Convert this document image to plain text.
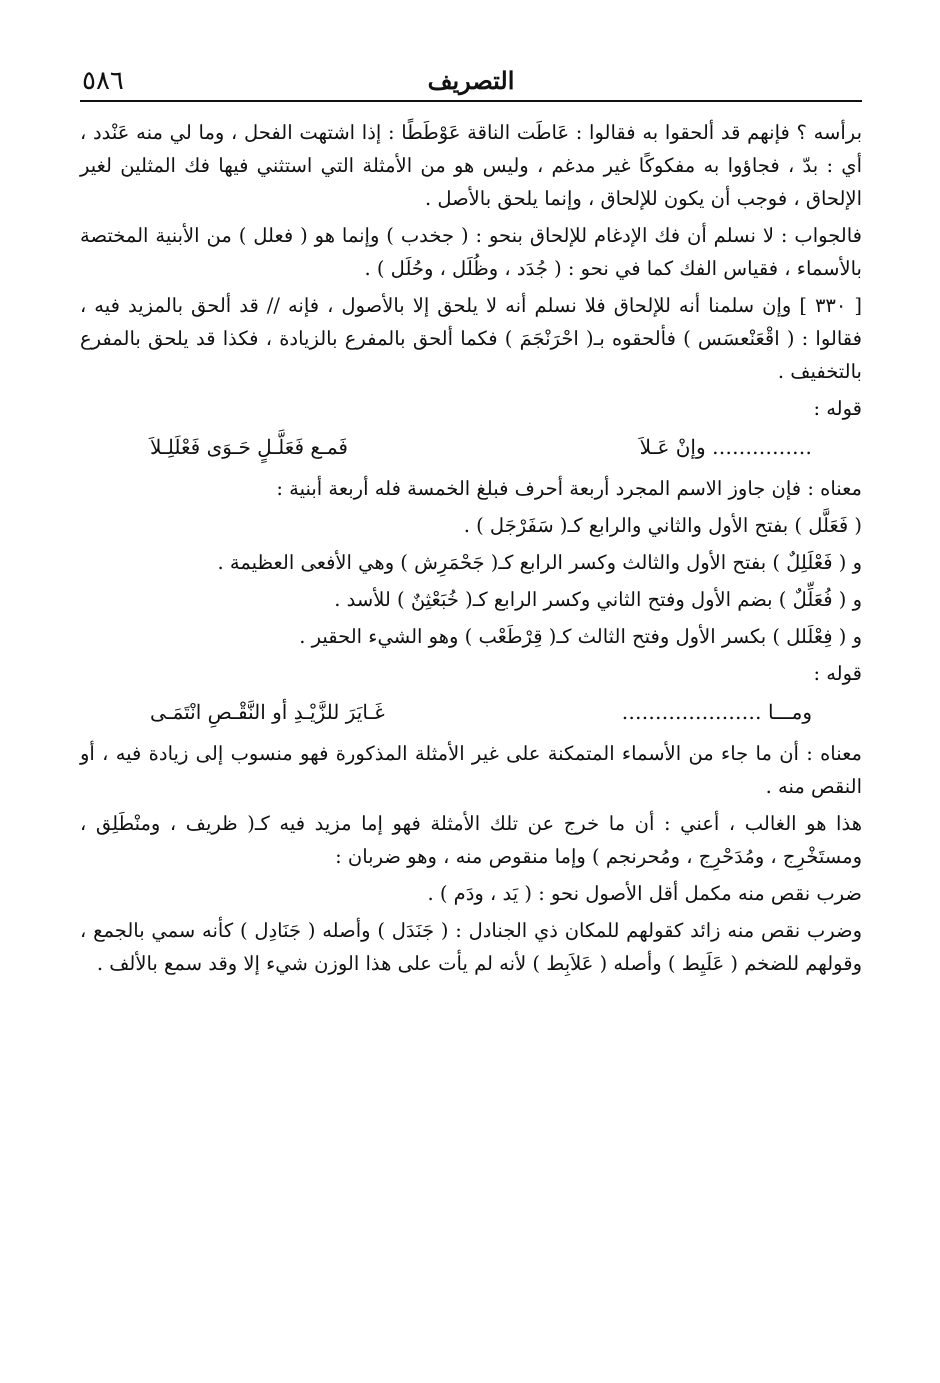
التصريف
٥٨٦

برأسه ؟ فإنهم قد ألحقوا به فقالوا : عَاطَت الناقة عَوْطَطًا : إذا اشتهت الفحل ، وما لي منه عَنْدد ، أي : بدّ ، فجاؤوا به مفكوكًا غير مدغم ، وليس هو من الأمثلة التي استثني فيها فك المثلين لغير الإلحاق ، فوجب أن يكون للإلحاق ، وإنما يلحق بالأصل .

فالجواب : لا نسلم أن فك الإدغام للإلحاق بنحو : ( جخدب ) وإنما هو ( فعلل ) من الأبنية المختصة بالأسماء ، فقياس الفك كما في نحو : ( جُدَد ، وظُلَل ، وحُلَل ) .

[ ٣٣٠ ] وإن سلمنا أنه للإلحاق فلا نسلم أنه لا يلحق إلا بالأصول ، فإنه // قد ألحق بالمزيد فيه ، فقالوا : ( اقْعَنْعسَس ) فألحقوه بـ( احْرَنْجَمَ ) فكما ألحق بالمفرع بالزيادة ، فكذا قد يلحق بالمفرع بالتخفيف .

قوله :

…………… وإنْ عَـلاَ
فَمـع فَعَلَّـلٍ حَـوَى فَعْلَلِـلاَ

معناه : فإن جاوز الاسم المجرد أربعة أحرف فبلغ الخمسة فله أربعة أبنية :

( فَعَلَّل ) بفتح الأول والثاني والرابع كـ( سَفَرْجَل ) .

و ( فَعْلَلِلٌ ) بفتح الأول والثالث وكسر الرابع كـ( جَحْمَرِش ) وهي الأفعى العظيمة .

و ( فُعَلِّلٌ ) بضم الأول وفتح الثاني وكسر الرابع كـ( خُبَعْثِنٌ ) للأسد .

و ( فِعْلَلل ) بكسر الأول وفتح الثالث كـ( قِرْطَعْب ) وهو الشيء الحقير .

قوله :

ومـــا …………………
غَـايَرَ للزَّيْـدِ أو النَّقْـصِ انْتَمَـى

معناه : أن ما جاء من الأسماء المتمكنة على غير الأمثلة المذكورة فهو منسوب إلى زيادة فيه ، أو النقص منه .

هذا هو الغالب ، أعني : أن ما خرج عن تلك الأمثلة فهو إما مزيد فيه كـ( ظريف ، ومنْطَلِق ، ومستَخْرِج ، ومُدَحْرِج ، ومُحرنجم ) وإما منقوص منه ، وهو ضربان :

ضرب نقص منه مكمل أقل الأصول نحو : ( يَد ، ودَم ) .

وضرب نقص منه زائد كقولهم للمكان ذي الجنادل : ( جَنَدَل ) وأصله ( جَنَادِل ) كأنه سمي بالجمع ، وقولهم للضخم ( عَلَيِط ) وأصله ( عَلاَبِط ) لأنه لم يأت على هذا الوزن شيء إلا وقد سمع بالألف .
